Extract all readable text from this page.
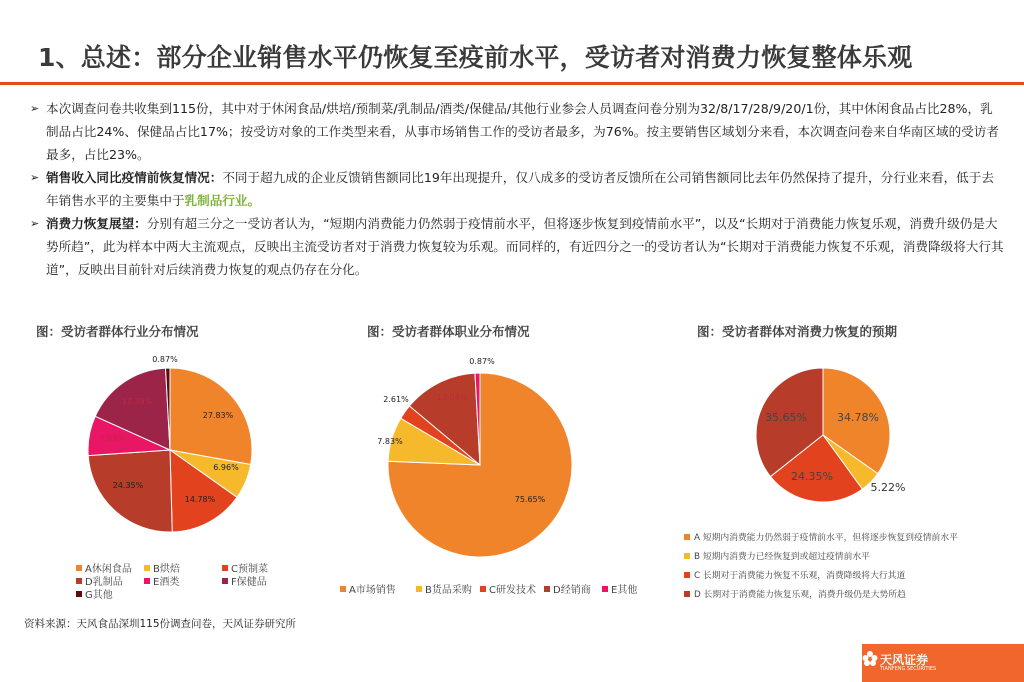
1、总述：部分企业销售水平仍恢复至疫前水平，受访者对消费力恢复整体乐观
➢ 本次调查问卷共收集到115份，其中对于休闲食品/烘培/预制菜/乳制品/酒类/保健品/其他行业参会人员调查问卷分别为32/8/17/28/9/20/1份，其中休闲食品占比28%，乳制品占比24%、保健品占比17%；按受访对象的工作类型来看，从事市场销售工作的受访者最多，为76%。按主要销售区域划分来看，本次调查问卷来自华南区域的受访者最多，占比23%。
➢ 销售收入同比疫情前恢复情况：不同于超九成的企业反馈销售额同比19年出现提升，仅八成多的受访者反馈所在公司销售额同比去年仍然保持了提升，分行业来看，低于去年销售水平的主要集中于乳制品行业。
➢ 消费力恢复展望：分别有超三分之一受访者认为，“短期内消费能力仍然弱于疫情前水平，但将逐步恢复到疫情前水平”，以及“长期对于消费能力恢复乐观，消费升级仍是大势所趋”，此为样本中两大主流观点，反映出主流受访者对于消费力恢复较为乐观。而同样的，有近四分之一的受访者认为“长期对于消费能力恢复不乐观，消费降级将大行其道”，反映出目前针对后续消费力恢复的观点仍存在分化。
图：受访者群体行业分布情况	图：受访者群体职业分布情况	图：受访者群体对消费力恢复的预期
27.83%
6.96%
14.78%
24.35%
7.83%
17.39%
0.87%
75.65%
7.83%
2.61%	13.04%
0.87%
34.78%
5.22%
24.35%
35.65%
A休闲食品	B烘焙	C预制菜
D乳制品	E酒类	F保健品
G其他	A市场销售	B货品采购	C研发技术	D经销商	E其他
A 短期内消费能力仍然弱于疫情前水平，但将逐步恢复到疫情前水平
B 短期内消费力已经恢复到或超过疫情前水平
C 长期对于消费能力恢复不乐观，消费降级将大行其道
D 长期对于消费能力恢复乐观，消费升级仍是大势所趋
资料来源：天风食品深圳115份调查问卷，天风证券研究所
天风证券
TIANFENG SECURITIES
